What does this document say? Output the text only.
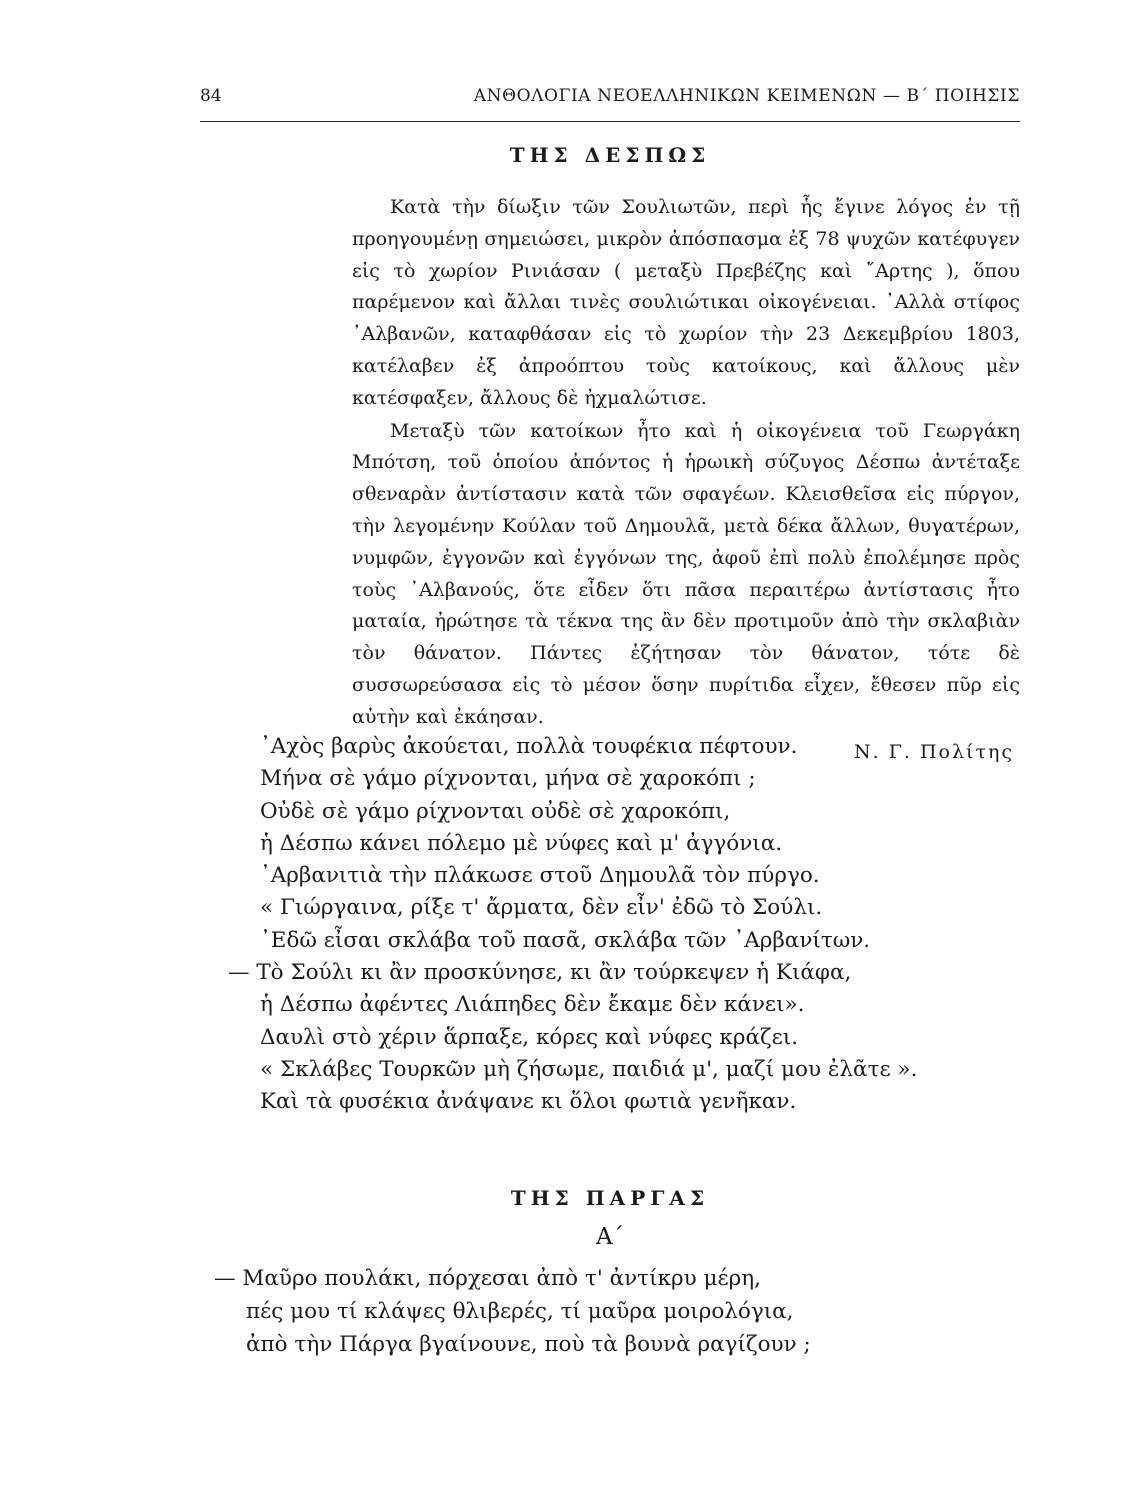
84	ΑΝΘΟΛΟΓΙΑ ΝΕΟΕΛΛΗΝΙΚΩΝ ΚΕΙΜΕΝΩΝ — Β΄ ΠΟΙΗΣΙΣ
ΤΗΣ ΔΕΣΠΩΣ

Κατὰ τὴν δίωξιν τῶν Σουλιωτῶν, περὶ ἧς ἔγινε λόγος ἐν τῇ προηγουμένῃ σημειώσει, μικρὸν ἀπόσπασμα ἐξ 78 ψυχῶν κατέφυγεν εἰς τὸ χωρίον Ρινιάσαν ( μεταξὺ Πρεβέζης καὶ ῎Αρτης ), ὅπου παρέμενον καὶ ἄλλαι τινὲς σουλιώτικαι οἰκογένειαι. ᾿Αλλὰ στίφος ᾿Αλβανῶν, καταφθάσαν εἰς τὸ χωρίον τὴν 23 Δεκεμβρίου 1803, κατέλαβεν ἐξ ἀπροόπτου τοὺς κατοίκους, καὶ ἄλλους μὲν κατέσφαξεν, ἄλλους δὲ ἠχμαλώτισε.

Μεταξὺ τῶν κατοίκων ἦτο καὶ ἡ οἰκογένεια τοῦ Γεωργάκη Μπότση, τοῦ ὁποίου ἀπόντος ἡ ἡρωικὴ σύζυγος Δέσπω ἀντέταξε σθεναρὰν ἀντίστασιν κατὰ τῶν σφαγέων. Κλεισθεῖσα εἰς πύργον, τὴν λεγομένην Κούλαν τοῦ Δημουλᾶ, μετὰ δέκα ἄλλων, θυγατέρων, νυμφῶν, ἐγγονῶν καὶ ἐγγόνων της, ἀφοῦ ἐπὶ πολὺ ἐπολέμησε πρὸς τοὺς ᾿Αλβανούς, ὅτε εἶδεν ὅτι πᾶσα περαιτέρω ἀντίστασις ἦτο ματαία, ἠρώτησε τὰ τέκνα της ἂν δὲν προτιμοῦν ἀπὸ τὴν σκλαβιὰν τὸν θάνατον. Πάντες ἐζήτησαν τὸν θάνατον, τότε δὲ συσσωρεύσασα εἰς τὸ μέσον ὅσην πυρίτιδα εἶχεν, ἔθεσεν πῦρ εἰς αὐτὴν καὶ ἐκάησαν.

Ν. Γ. Πολίτης
᾿Αχὸς βαρὺς ἀκούεται, πολλὰ τουφέκια πέφτουν.
Μήνα σὲ γάμο ρίχνονται, μήνα σὲ χαροκόπι ;
Οὐδὲ σὲ γάμο ρίχνονται οὐδὲ σὲ χαροκόπι,
ἡ Δέσπω κάνει πόλεμο μὲ νύφες καὶ μ' ἀγγόνια.
᾿Αρβανιτιὰ τὴν πλάκωσε στοῦ Δημουλᾶ τὸν πύργο.
« Γιώργαινα, ρίξε τ' ἄρματα, δὲν εἶν' ἐδῶ τὸ Σούλι.
᾿Εδῶ εἶσαι σκλάβα τοῦ πασᾶ, σκλάβα τῶν ᾿Αρβανίτων.
— Τὸ Σούλι κι ἂν προσκύνησε, κι ἂν τούρκεψεν ἡ Κιάφα,
ἡ Δέσπω ἀφέντες Λιάπηδες δὲν ἔκαμε δὲν κάνει».
Δαυλὶ στὸ χέριν ἅρπαξε, κόρες καὶ νύφες κράζει.
« Σκλάβες Τουρκῶν μὴ ζήσωμε, παιδιά μ', μαζί μου ἐλᾶτε ».
Καὶ τὰ φυσέκια ἀνάψανε κι ὅλοι φωτιὰ γενῆκαν.
ΤΗΣ ΠΑΡΓΑΣ
Α΄
— Μαῦρο πουλάκι, πόρχεσαι ἀπὸ τ' ἀντίκρυ μέρη,
πές μου τί κλάψες θλιβερές, τί μαῦρα μοιρολόγια,
ἀπὸ τὴν Πάργα βγαίνουνε, ποὺ τὰ βουνὰ ραγίζουν ;
